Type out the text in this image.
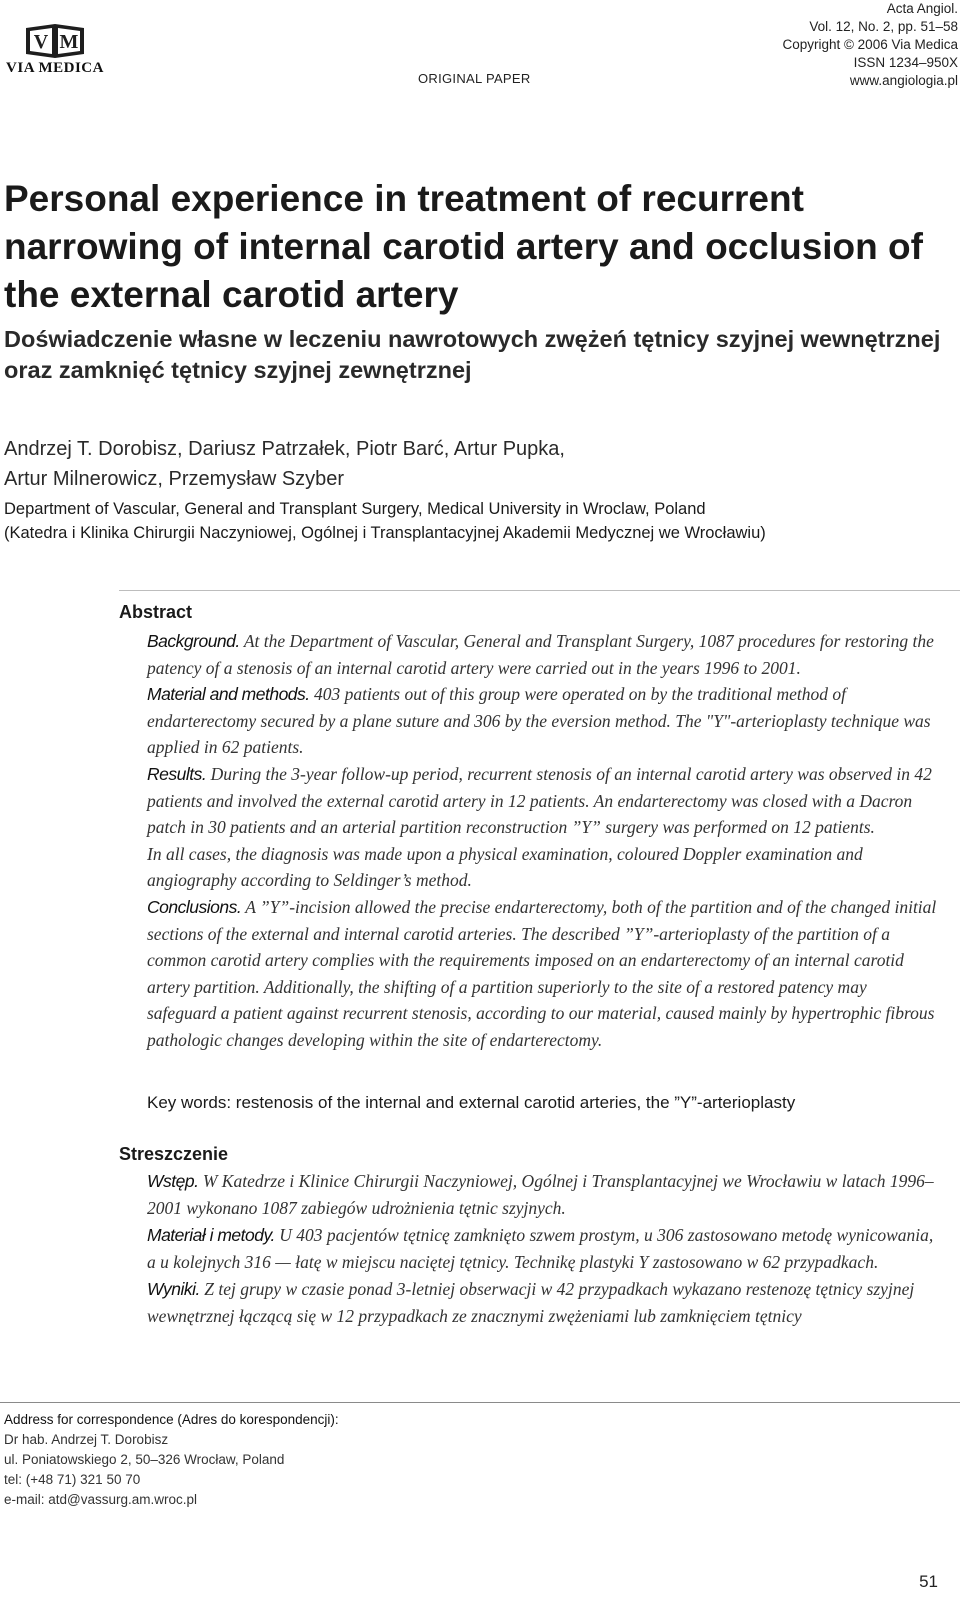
V M
VIA MEDICA
ORIGINAL PAPER
Acta Angiol.
Vol. 12, No. 2, pp. 51–58
Copyright © 2006 Via Medica
ISSN 1234–950X
www.angiologia.pl
Personal experience in treatment of recurrent narrowing of internal carotid artery and occlusion of the external carotid artery
Doświadczenie własne w leczeniu nawrotowych zwężeń tętnicy szyjnej wewnętrznej oraz zamknięć tętnicy szyjnej zewnętrznej
Andrzej T. Dorobisz, Dariusz Patrzałek, Piotr Barć, Artur Pupka,
Artur Milnerowicz, Przemysław Szyber
Department of Vascular, General and Transplant Surgery, Medical University in Wroclaw, Poland
(Katedra i Klinika Chirurgii Naczyniowej, Ogólnej i Transplantacyjnej Akademii Medycznej we Wrocławiu)
Abstract

Background. At the Department of Vascular, General and Transplant Surgery, 1087 procedures for restoring the patency of a stenosis of an internal carotid artery were carried out in the years 1996 to 2001.

Material and methods. 403 patients out of this group were operated on by the traditional method of endarterectomy secured by a plane suture and 306 by the eversion method. The "Y"-arterioplasty technique was applied in 62 patients.

Results. During the 3-year follow-up period, recurrent stenosis of an internal carotid artery was observed in 42 patients and involved the external carotid artery in 12 patients. An endarterectomy was closed with a Dacron patch in 30 patients and an arterial partition reconstruction ”Y” surgery was performed on 12 patients.

In all cases, the diagnosis was made upon a physical examination, coloured Doppler examination and angiography according to Seldinger’s method.

Conclusions. A ”Y”-incision allowed the precise endarterectomy, both of the partition and of the changed initial sections of the external and internal carotid arteries. The described ”Y”-arterioplasty of the partition of a common carotid artery complies with the requirements imposed on an endarterectomy of an internal carotid artery partition. Additionally, the shifting of a partition superiorly to the site of a restored patency may safeguard a patient against recurrent stenosis, according to our material, caused mainly by hypertrophic fibrous pathologic changes developing within the site of endarterectomy.

Key words: restenosis of the internal and external carotid arteries, the ”Y”-arterioplasty
Streszczenie

Wstęp. W Katedrze i Klinice Chirurgii Naczyniowej, Ogólnej i Transplantacyjnej we Wrocławiu w latach 1996–2001 wykonano 1087 zabiegów udrożnienia tętnic szyjnych.

Materiał i metody. U 403 pacjentów tętnicę zamknięto szwem prostym, u 306 zastosowano metodę wynicowania, a u kolejnych 316 — łatę w miejscu naciętej tętnicy. Technikę plastyki Y zastosowano w 62 przypadkach.

Wyniki. Z tej grupy w czasie ponad 3-letniej obserwacji w 42 przypadkach wykazano restenozę tętnicy szyjnej wewnętrznej łączącą się w 12 przypadkach ze znacznymi zwężeniami lub zamknięciem tętnicy

Address for correspondence (Adres do korespondencji):
Dr hab. Andrzej T. Dorobisz
ul. Poniatowskiego 2, 50–326 Wrocław, Poland
tel: (+48 71) 321 50 70
e-mail: atd@vassurg.am.wroc.pl
51
